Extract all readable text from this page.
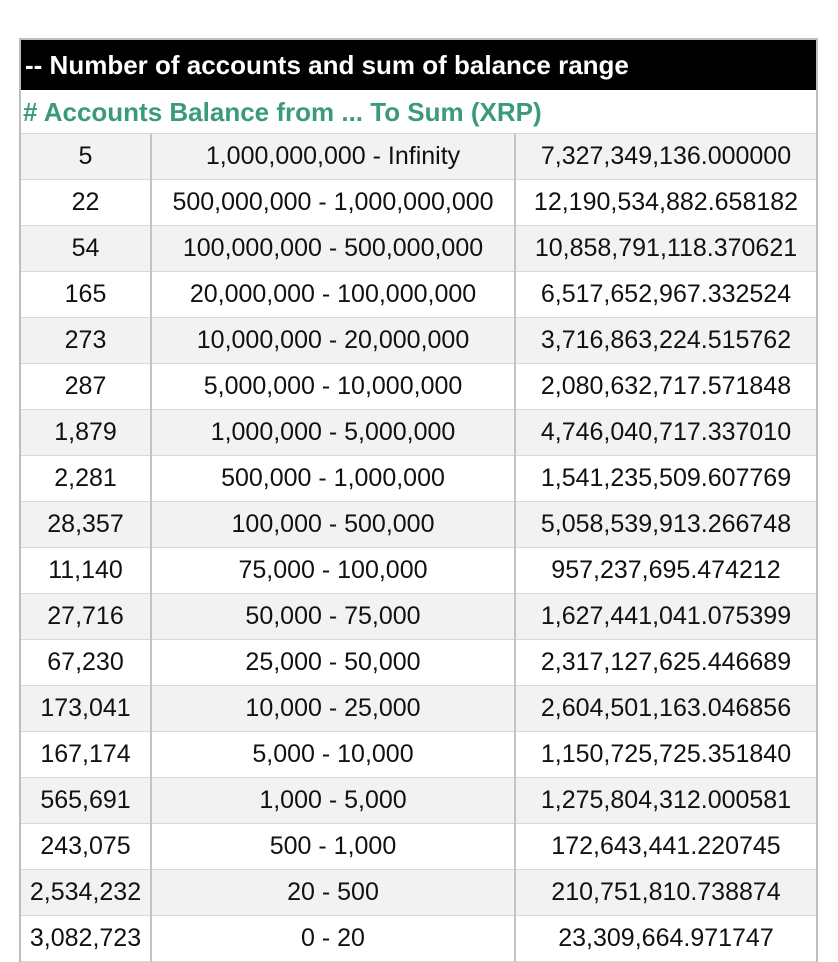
-- Number of accounts and sum of balance range
# Accounts Balance from ... To Sum (XRP)
5	1,000,000,000 - Infinity	7,327,349,136.000000
22	500,000,000 - 1,000,000,000	12,190,534,882.658182
54	100,000,000 - 500,000,000	10,858,791,118.370621
165	20,000,000 - 100,000,000	6,517,652,967.332524
273	10,000,000 - 20,000,000	3,716,863,224.515762
287	5,000,000 - 10,000,000	2,080,632,717.571848
1,879	1,000,000 - 5,000,000	4,746,040,717.337010
2,281	500,000 - 1,000,000	1,541,235,509.607769
28,357	100,000 - 500,000	5,058,539,913.266748
11,140	75,000 - 100,000	957,237,695.474212
27,716	50,000 - 75,000	1,627,441,041.075399
67,230	25,000 - 50,000	2,317,127,625.446689
173,041	10,000 - 25,000	2,604,501,163.046856
167,174	5,000 - 10,000	1,150,725,725.351840
565,691	1,000 - 5,000	1,275,804,312.000581
243,075	500 - 1,000	172,643,441.220745
2,534,232	20 - 500	210,751,810.738874
3,082,723	0 - 20	23,309,664.971747
